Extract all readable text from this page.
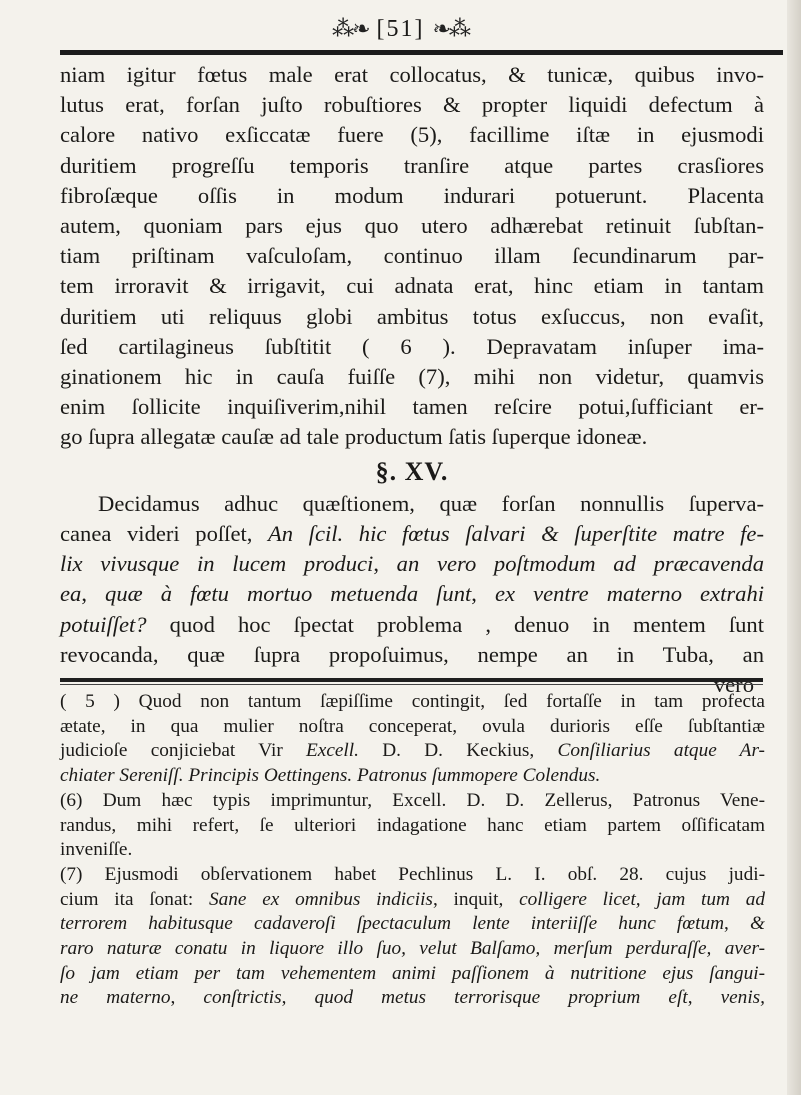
⁂❧ [51] ❧⁂

niam igitur fœtus male erat collocatus, & tunicæ, quibus invo-
lutus erat, forſan juſto robuſtiores & propter liquidi defectum à
calore nativo exſiccatæ fuere (5), facillime iſtæ in ejusmodi
duritiem progreſſu temporis tranſire atque partes crasſiores
fibroſæque oſſis in modum indurari potuerunt. Placenta
autem, quoniam pars ejus quo utero adhærebat retinuit ſubſtan-
tiam priſtinam vaſculoſam, continuo illam ſecundinarum par-
tem irroravit & irrigavit, cui adnata erat, hinc etiam in tantam
duritiem uti reliquus globi ambitus totus exſuccus, non evaſit,
ſed cartilagineus ſubſtitit ( 6 ). Depravatam inſuper ima-
ginationem hic in cauſa fuiſſe (7), mihi non videtur, quamvis
enim ſollicite inquiſiverim,nihil tamen reſcire potui,ſufficiant er-
go ſupra allegatæ cauſæ ad tale productum ſatis ſuperque idoneæ.

§. XV.

Decidamus adhuc quæſtionem, quæ forſan nonnullis ſuperva-
canea videri poſſet, An ſcil. hic fœtus ſalvari & ſuperſtite matre fe-
lix vivusque in lucem produci, an vero poſtmodum ad præcavenda
ea, quæ à fœtu mortuo metuenda ſunt, ex ventre materno extrahi
potuiſſet? quod hoc ſpectat problema , denuo in mentem ſunt
revocanda, quæ ſupra propoſuimus, nempe an in Tuba, an

( 5 ) Quod non tantum ſæpiſſime contingit, ſed fortaſſe in tam profecta
ætate, in qua mulier noſtra conceperat, ovula durioris eſſe ſubſtantiæ
judicioſe conjiciebat Vir Excell. D. D. Keckius, Conſiliarius atque Ar-
chiater Sereniſſ. Principis Oettingens. Patronus ſummopere Colendus.
(6) Dum hæc typis imprimuntur, Excell. D. D. Zellerus, Patronus Vene-
randus, mihi refert, ſe ulteriori indagatione hanc etiam partem oſſificatam
inveniſſe.
(7) Ejusmodi obſervationem habet Pechlinus L. I. obſ. 28. cujus judi-
cium ita ſonat: Sane ex omnibus indiciis, inquit, colligere licet, jam tum ad
terrorem habitusque cadaveroſi ſpectaculum lente interiiſſe hunc fœtum, &
raro naturæ conatu in liquore illo ſuo, velut Balſamo, merſum perduraſſe, aver-
ſo jam etiam per tam vehementem animi paſſionem à nutritione ejus ſangui-
ne materno, conſtrictis, quod metus terrorisque proprium eſt, venis,
